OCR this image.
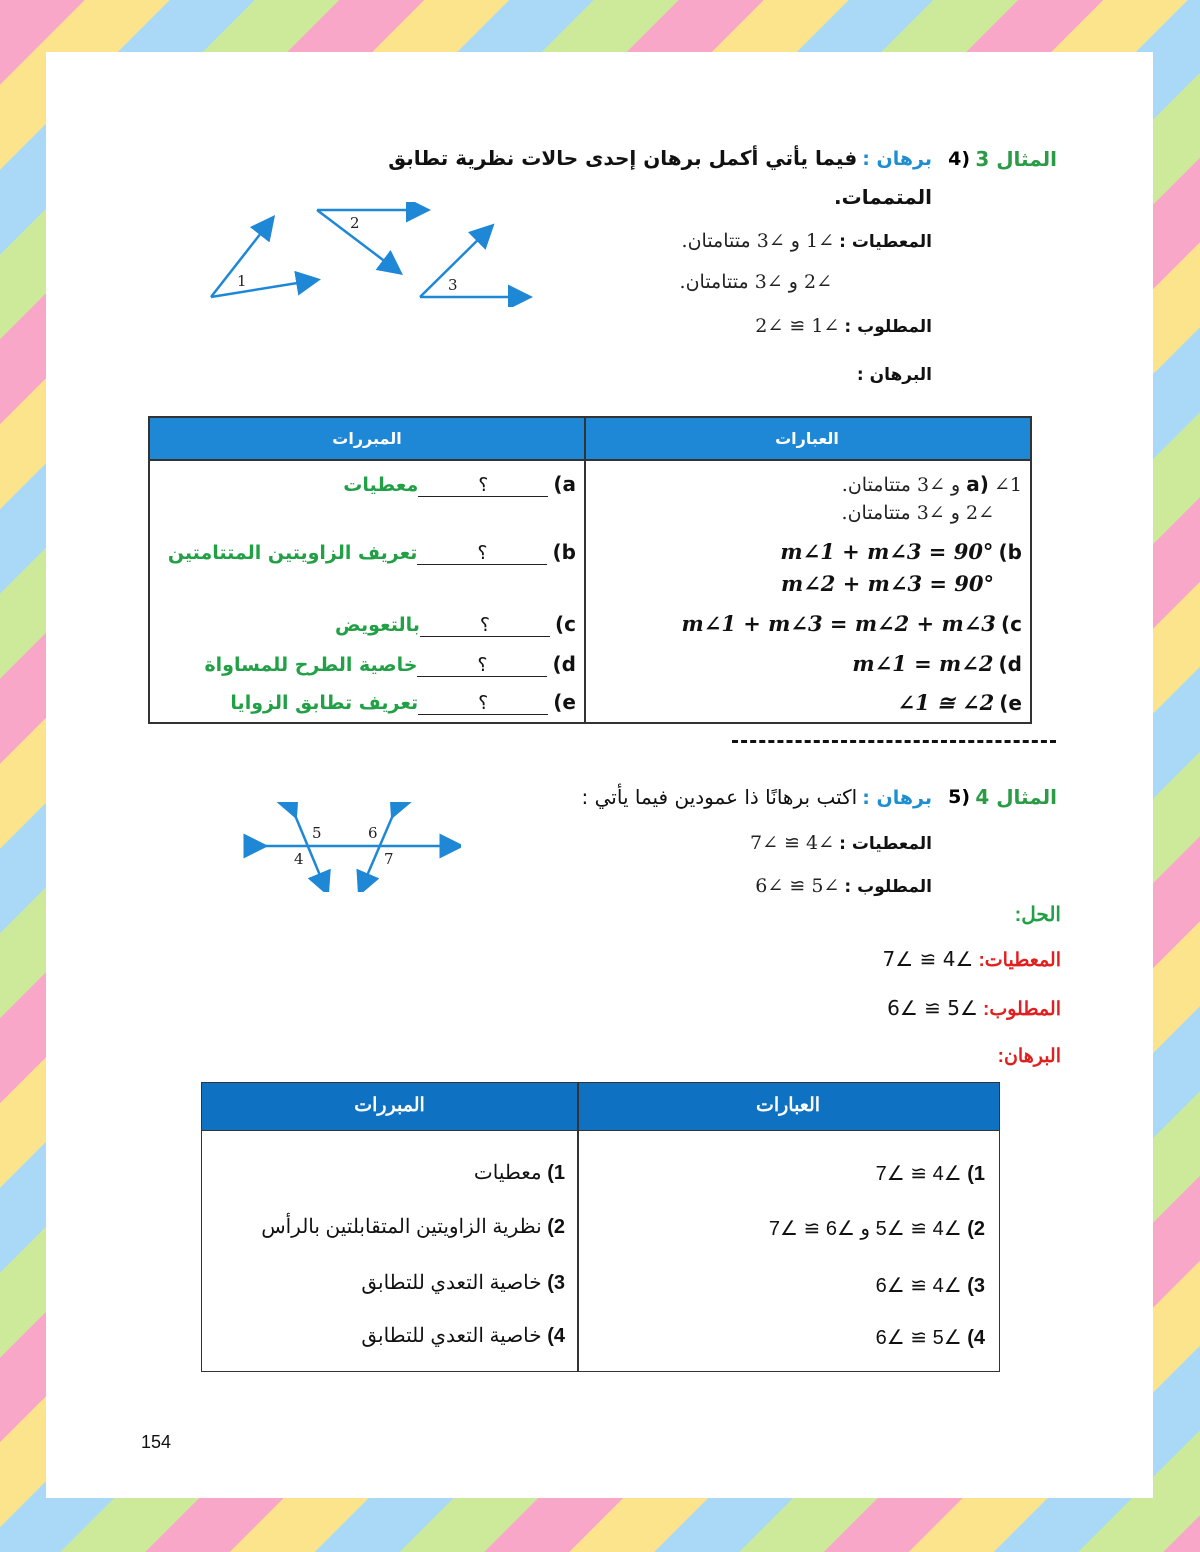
المثال 3
4)
برهان : فيما يأتي أكمل برهان إحدى حالات نظرية تطابق
المتممات.
1
2
3
المعطيات : ∠1 و ∠3 متتامتان.
∠2 و ∠3 متتامتان.
المطلوب : ∠1 ≅ ∠2
البرهان :
العبارات
المبررات
a) ∠1 و ∠3 متتامتان.
∠2 و ∠3 متتامتان.
b) m∠1 + m∠3 = 90°
m∠2 + m∠3 = 90°
c) m∠1 + m∠3 = m∠2 + m∠3
d) m∠1 = m∠2
e) ∠1 ≅ ∠2
a) ؟معطيات
b) ؟تعريف الزاويتين المتتامتين
c) ؟بالتعويض
d) ؟خاصية الطرح للمساواة
e) ؟تعريف تطابق الزوايا
المثال 4
5)
برهان : اكتب برهانًا ذا عمودين فيما يأتي :
المعطيات : ∠4 ≅ ∠7
المطلوب : ∠5 ≅ ∠6
5	6
4	7
الحل:
المعطيات: ∠4 ≅ ∠7
المطلوب: ∠5 ≅ ∠6
البرهان:
العبارات
المبررات
1) ∠4 ≅ ∠7
2) ∠4 ≅ ∠5 و ∠6 ≅ ∠7
3) ∠4 ≅ ∠6
4) ∠5 ≅ ∠6
1) معطيات
2) نظرية الزاويتين المتقابلتين بالرأس
3) خاصية التعدي للتطابق
4) خاصية التعدي للتطابق
154
